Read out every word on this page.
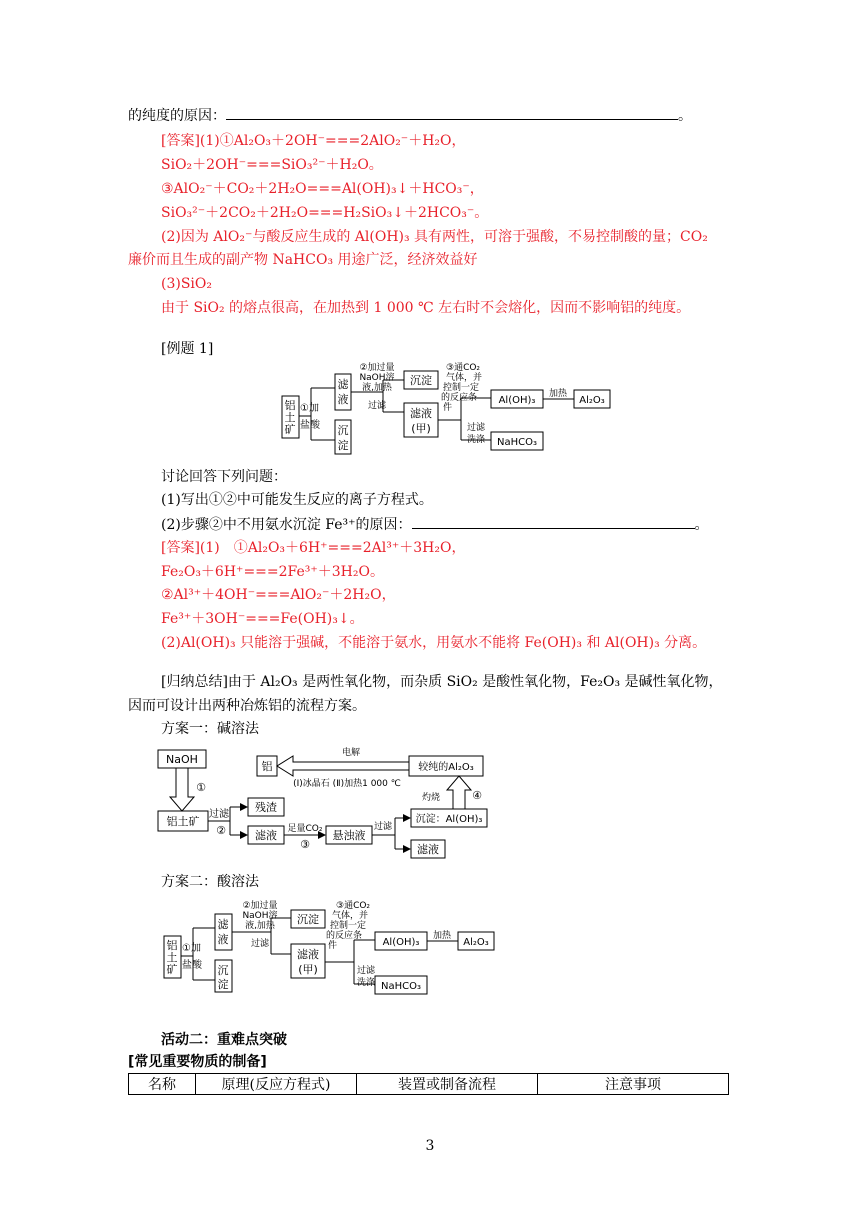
的纯度的原因：	。
[答案](1)①Al₂O₃＋2OH⁻===2AlO₂⁻＋H₂O，
SiO₂＋2OH⁻===SiO₃²⁻＋H₂O。
③AlO₂⁻＋CO₂＋2H₂O===Al(OH)₃↓＋HCO₃⁻，
SiO₃²⁻＋2CO₂＋2H₂O===H₂SiO₃↓＋2HCO₃⁻。
(2)因为 AlO₂⁻与酸反应生成的 Al(OH)₃ 具有两性，可溶于强酸，不易控制酸的量；CO₂
廉价而且生成的副产物 NaHCO₃ 用途广泛，经济效益好
(3)SiO₂
由于 SiO₂ 的熔点很高，在加热到 1 000 ℃ 左右时不会熔化，因而不影响铝的纯度。
[例题 1]
铝
土
矿
①加
盐酸
滤
液
沉
淀
②加过量
NaOH溶
液,加热
过滤
沉淀
滤液
(甲)
③通CO₂
气体，并
控制一定
的反应条
件
过滤
洗涤
Al(OH)₃
加热
Al₂O₃
NaHCO₃
讨论回答下列问题：
(1)写出①②中可能发生反应的离子方程式。
(2)步骤②中不用氨水沉淀 Fe³⁺的原因：	。
[答案](1)　①Al₂O₃＋6H⁺===2Al³⁺＋3H₂O，
Fe₂O₃＋6H⁺===2Fe³⁺＋3H₂O。
②Al³⁺＋4OH⁻===AlO₂⁻＋2H₂O，
Fe³⁺＋3OH⁻===Fe(OH)₃↓。
(2)Al(OH)₃ 只能溶于强碱，不能溶于氨水，用氨水不能将 Fe(OH)₃ 和 Al(OH)₃ 分离。
[归纳总结]由于 Al₂O₃ 是两性氧化物，而杂质 SiO₂ 是酸性氧化物，Fe₂O₃ 是碱性氧化物，
因而可设计出两种冶炼铝的流程方案。
方案一：碱溶法
NaOH
①
铝土矿
过滤
②
残渣
滤液 足量CO₂
③
悬浊液
过滤
沉淀：Al(OH)₃
滤液
灼烧	④
较纯的Al₂O₃
电解
(Ⅰ)冰晶石 (Ⅱ)加热1 000 ℃
铝
方案二：酸溶法
铝
土
矿
①加
盐酸
滤
液
沉
淀
②加过量
NaOH溶
液,加热
过滤
沉淀
滤液
(甲)
③通CO₂
气体，并
控制一定
的反应条
件
过滤
洗涤
Al(OH)₃
加热
Al₂O₃
NaHCO₃
活动二：重难点突破
[常见重要物质的制备]
名称	原理(反应方程式)	装置或制备流程	注意事项
3
